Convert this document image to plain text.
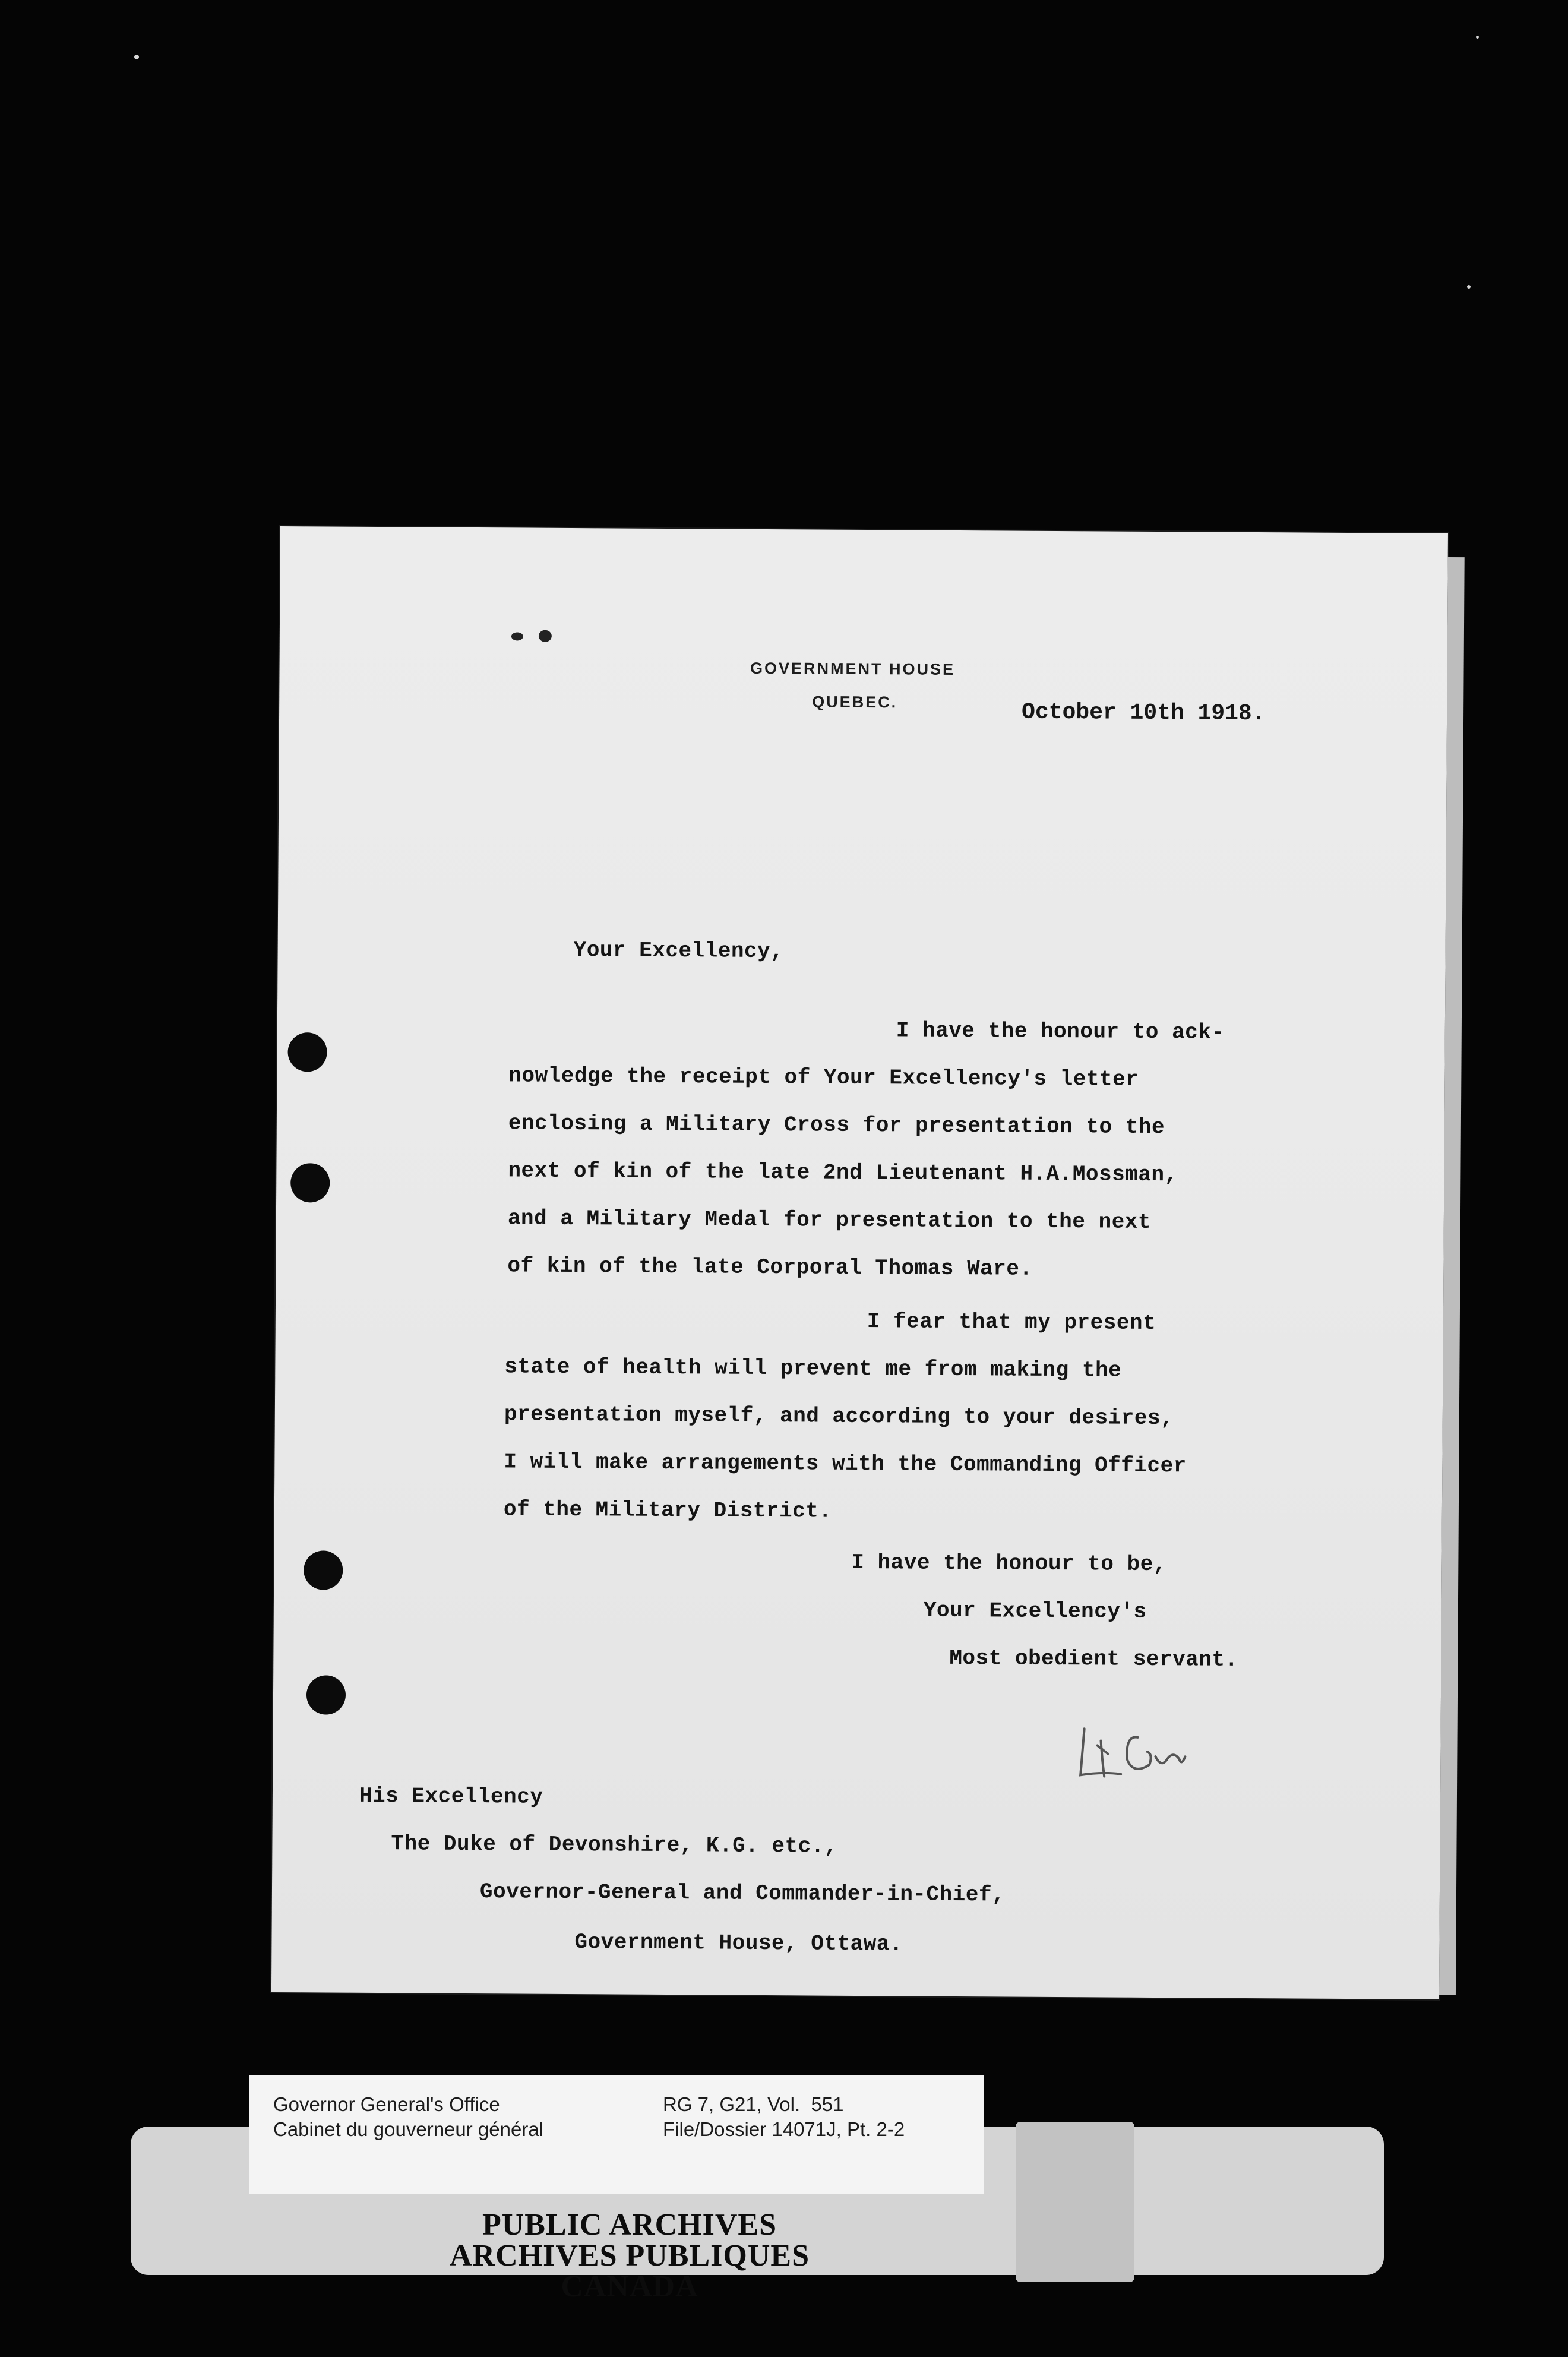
GOVERNMENT HOUSE
QUEBEC.	October 10th 1918.
Your Excellency,
I have the honour to ack-
nowledge the receipt of Your Excellency's letter
enclosing a Military Cross for presentation to the
next of kin of the late 2nd Lieutenant H.A.Mossman,
and a Military Medal for presentation to the next
of kin of the late Corporal Thomas Ware.
I fear that my present
state of health will prevent me from making the
presentation myself, and according to your desires,
I will make arrangements with the Commanding Officer
of the Military District.
I have the honour to be,
Your Excellency's
Most obedient servant.
Lt Gov
His Excellency
The Duke of Devonshire, K.G. etc.,
Governor-General and Commander-in-Chief,
Government House, Ottawa.
Governor General's Office
Cabinet du gouverneur général
RG 7, G21, Vol.  551
File/Dossier 14071J, Pt. 2-2
PUBLIC ARCHIVES
ARCHIVES PUBLIQUES
CANADA
